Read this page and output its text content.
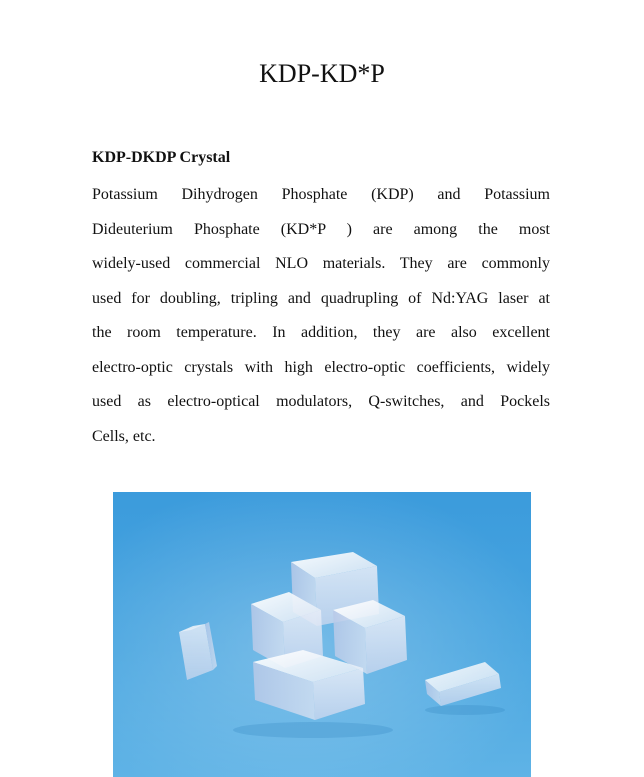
KDP-KD*P
KDP-DKDP Crystal
Potassium Dihydrogen Phosphate (KDP) and Potassium
Dideuterium Phosphate (KD*P ) are among the most
widely-used commercial NLO materials. They are commonly
used for doubling, tripling and quadrupling of Nd:YAG laser at
the room temperature. In addition, they are also excellent
electro-optic crystals with high electro-optic coefficients, widely
used as electro-optical modulators, Q-switches, and Pockels
Cells, etc.
